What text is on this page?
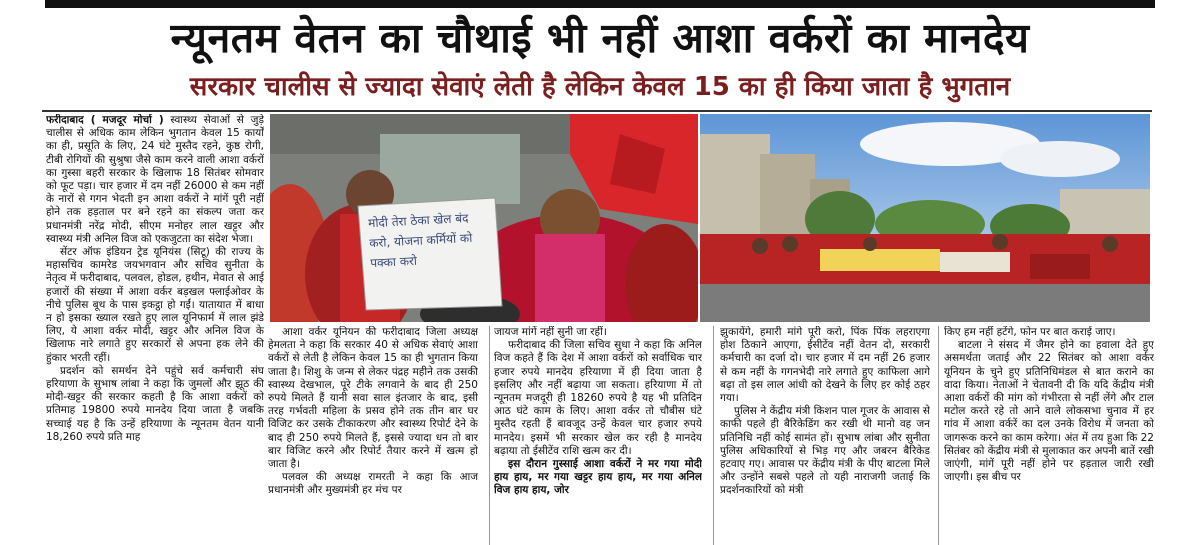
न्यूनतम वेतन का चौथाई भी नहीं आशा वर्करों का मानदेय
सरकार चालीस से ज्यादा सेवाएं लेती है लेकिन केवल 15 का ही किया जाता है भुगतान

फरीदाबाद ( मजदूर मोर्चा ) स्वास्थ्य सेवाओं से जुड़े चालीस से अधिक काम लेकिन भुगतान केवल 15 कार्यों का ही, प्रसूति के लिए, 24 घंटे मुस्तैद रहने, कुष्ठ रोगी, टीबी रोगियों की सुश्रुषा जैसे काम करने वाली आशा वर्करों का गुस्सा बहरी सरकार के खिलाफ 18 सितंबर सोमवार को फूट पड़ा। चार हजार में दम नहीं 26000 से कम नहीं के नारों से गगन भेदती इन आशा वर्करों ने मांगें पूरी नहीं होने तक हड़ताल पर बने रहने का संकल्प जता कर प्रधानमंत्री नरेंद्र मोदी, सीएम मनोहर लाल खट्टर और स्वास्थ्य मंत्री अनिल विज को एकजुटता का संदेश भेजा।

सेंटर ऑफ इंडियन ट्रेड यूनियंस (सिटू) की राज्य के महासचिव कामरेड जयभगवान और सचिव सुनीता के नेतृत्व में फरीदाबाद, पलवल, होडल, हथीन, मेवात से आई हजारों की संख्या में आशा वर्कर बड़खल फ्लाईओवर के नीचे पुलिस बूथ के पास इकट्ठा हो गईं। यातायात में बाधा न हो इसका ख्याल रखते हुए लाल यूनिफार्म में लाल झंडे लिए, ये आशा वर्कर मोदी, खट्टर और अनिल विज के खिलाफ नारे लगाते हुए सरकारों से अपना हक लेने की हुंकार भरती रहीं।

प्रदर्शन को समर्थन देने पहुंचे सर्व कर्मचारी संघ हरियाणा के सुभाष लांबा ने कहा कि जुमलों और झूठ की मोदी-खट्टर की सरकार कहती है कि आशा वर्करों को प्रतिमाह 19800 रुपये मानदेय दिया जाता है जबकि सच्चाई यह है कि उन्हें हरियाणा के न्यूनतम वेतन यानी 18,260 रुपये प्रति माह

मोदी तेरा ठेका खेल बंद करो, योजना कर्मियों को पक्का करो

आशा वर्कर यूनियन की फरीदाबाद जिला अध्यक्ष हेमलता ने कहा कि सरकार 40 से अधिक सेवाएं आशा वर्करों से लेती है लेकिन केवल 15 का ही भुगतान किया जाता है। शिशु के जन्म से लेकर पंद्रह महीने तक उसकी स्वास्थ्य देखभाल, पूरे टीके लगवाने के बाद ही 250 रुपये मिलते हैं यानी सवा साल इंतजार के बाद, इसी तरह गर्भवती महिला के प्रसव होने तक तीन बार घर विजिट कर उसके टीकाकरण और स्वास्थ्य रिपोर्ट देने के बाद ही 250 रुपये मिलते हैं, इससे ज्यादा धन तो बार बार विजिट करने और रिपोर्ट तैयार करने में खत्म हो जाता है।

पलवल की अध्यक्ष रामरती ने कहा कि आज प्रधानमंत्री और मुख्यमंत्री हर मंच पर

जायज मांगें नहीं सुनी जा रहीं।

फरीदाबाद की जिला सचिव सुधा ने कहा कि अनिल विज कहते हैं कि देश में आशा वर्करों को सर्वाधिक चार हजार रुपये मानदेय हरियाणा में ही दिया जाता है इसलिए और नहीं बढ़ाया जा सकता। हरियाणा में तो न्यूनतम मजदूरी ही 18260 रुपये है यह भी प्रतिदिन आठ घंटे काम के लिए। आशा वर्कर तो चौबीस घंटे मुस्तैद रहती हैं बावजूद उन्हें केवल चार हजार रुपये मानदेय। इसमें भी सरकार खेल कर रही है मानदेय बढ़ाया तो ईसीटेंव राशि खत्म कर दी।

इस दौरान गुस्साई आशा वर्करों ने मर गया मोदी हाय हाय, मर गया खट्टर हाय हाय, मर गया अनिल विज हाय हाय, जोर

झुकायेंगे, हमारी मांगे पूरी करो, पिंक पिंक लहराएगा होश ठिकाने आएगा, ईसीटेंव नहीं वेतन दो, सरकारी कर्मचारी का दर्जा दो। चार हजार में दम नहीं 26 हजार से कम नहीं के गगनभेदी नारे लगाते हुए काफिला आगे बढ़ा तो इस लाल आंधी को देखने के लिए हर कोई ठहर गया।

पुलिस ने केंद्रीय मंत्री किशन पाल गूजर के आवास से काफी पहले ही बैरिकेडिंग कर रखी थी मानो वह जन प्रतिनिधि नहीं कोई सामंत हों। सुभाष लांबा और सुनीता पुलिस अधिकारियों से भिड़ गए और जबरन बैरिकेड हटवाए गए। आवास पर केंद्रीय मंत्री के पीए बाटला मिले और उन्होंने सबसे पहले तो यही नाराजगी जताई कि प्रदर्शनकारियों को मंत्री

किए हम नहीं हटेंगे, फोन पर बात कराई जाए।

बाटला ने संसद में जैमर होने का हवाला देते हुए असमर्थता जताई और 22 सितंबर को आशा वर्कर यूनियन के चुने हुए प्रतिनिधिमंडल से बात कराने का वादा किया। नेताओं ने चेतावनी दी कि यदि केंद्रीय मंत्री आशा वर्करों की मांग को गंभीरता से नहीं लेंगे और टाल मटोल करते रहे तो आने वाले लोकसभा चुनाव में हर गांव में आशा वर्करें का दल उनके विरोध में जनता को जागरूक करने का काम करेगा। अंत में तय हुआ कि 22 सितंबर को केंद्रीय मंत्री से मुलाकात कर अपनी बातें रखी जाएंगी, मांगें पूरी नहीं होने पर हड़ताल जारी रखी जाएगी। इस बीच पर
